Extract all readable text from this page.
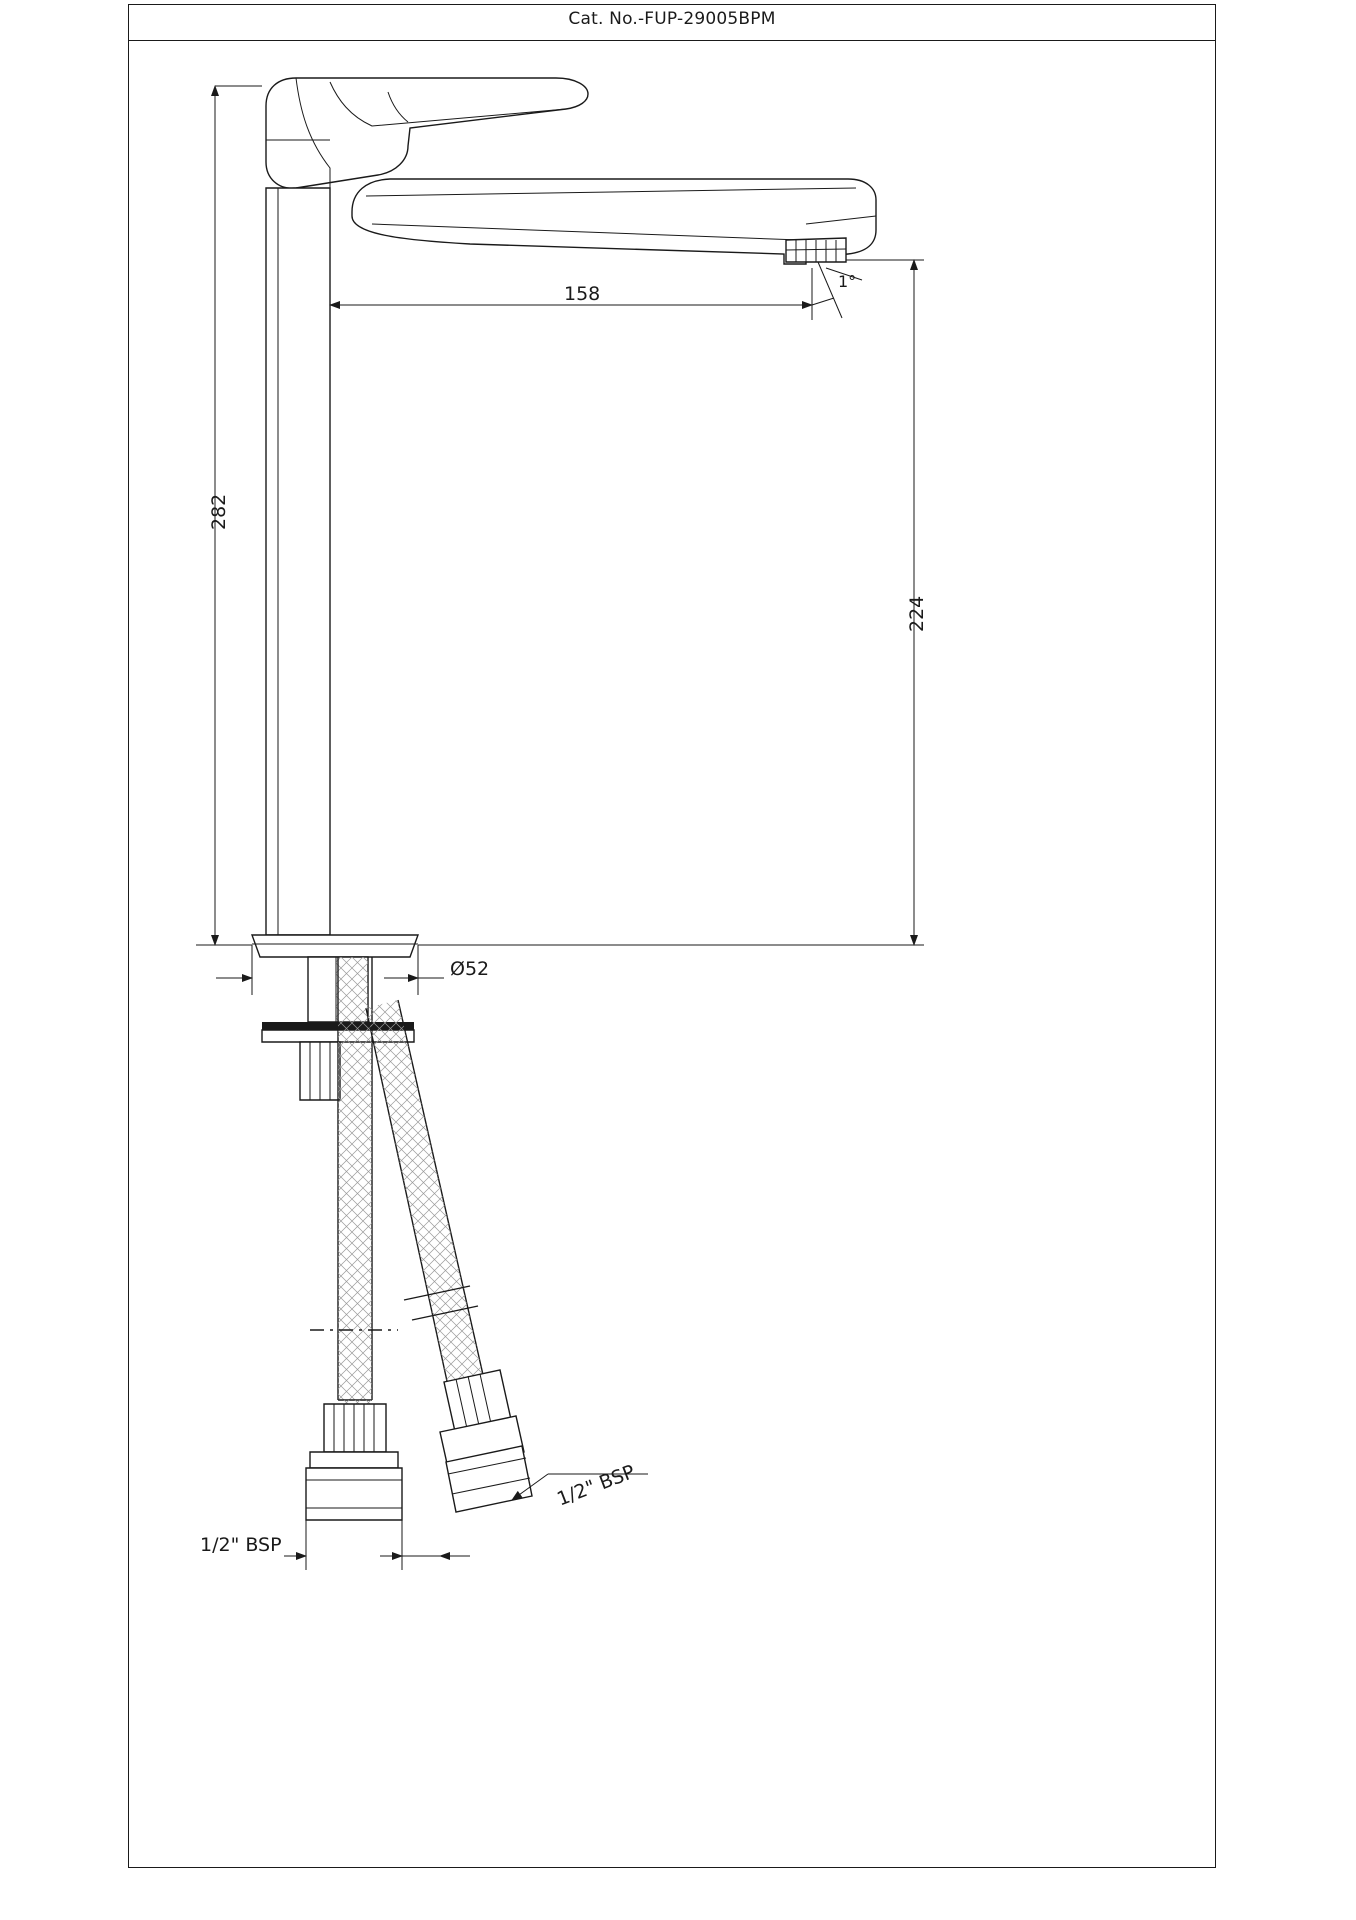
Cat. No.-FUP-29005BPM
282
158
224
Ø52
1°
1/2" BSP
1/2" BSP
